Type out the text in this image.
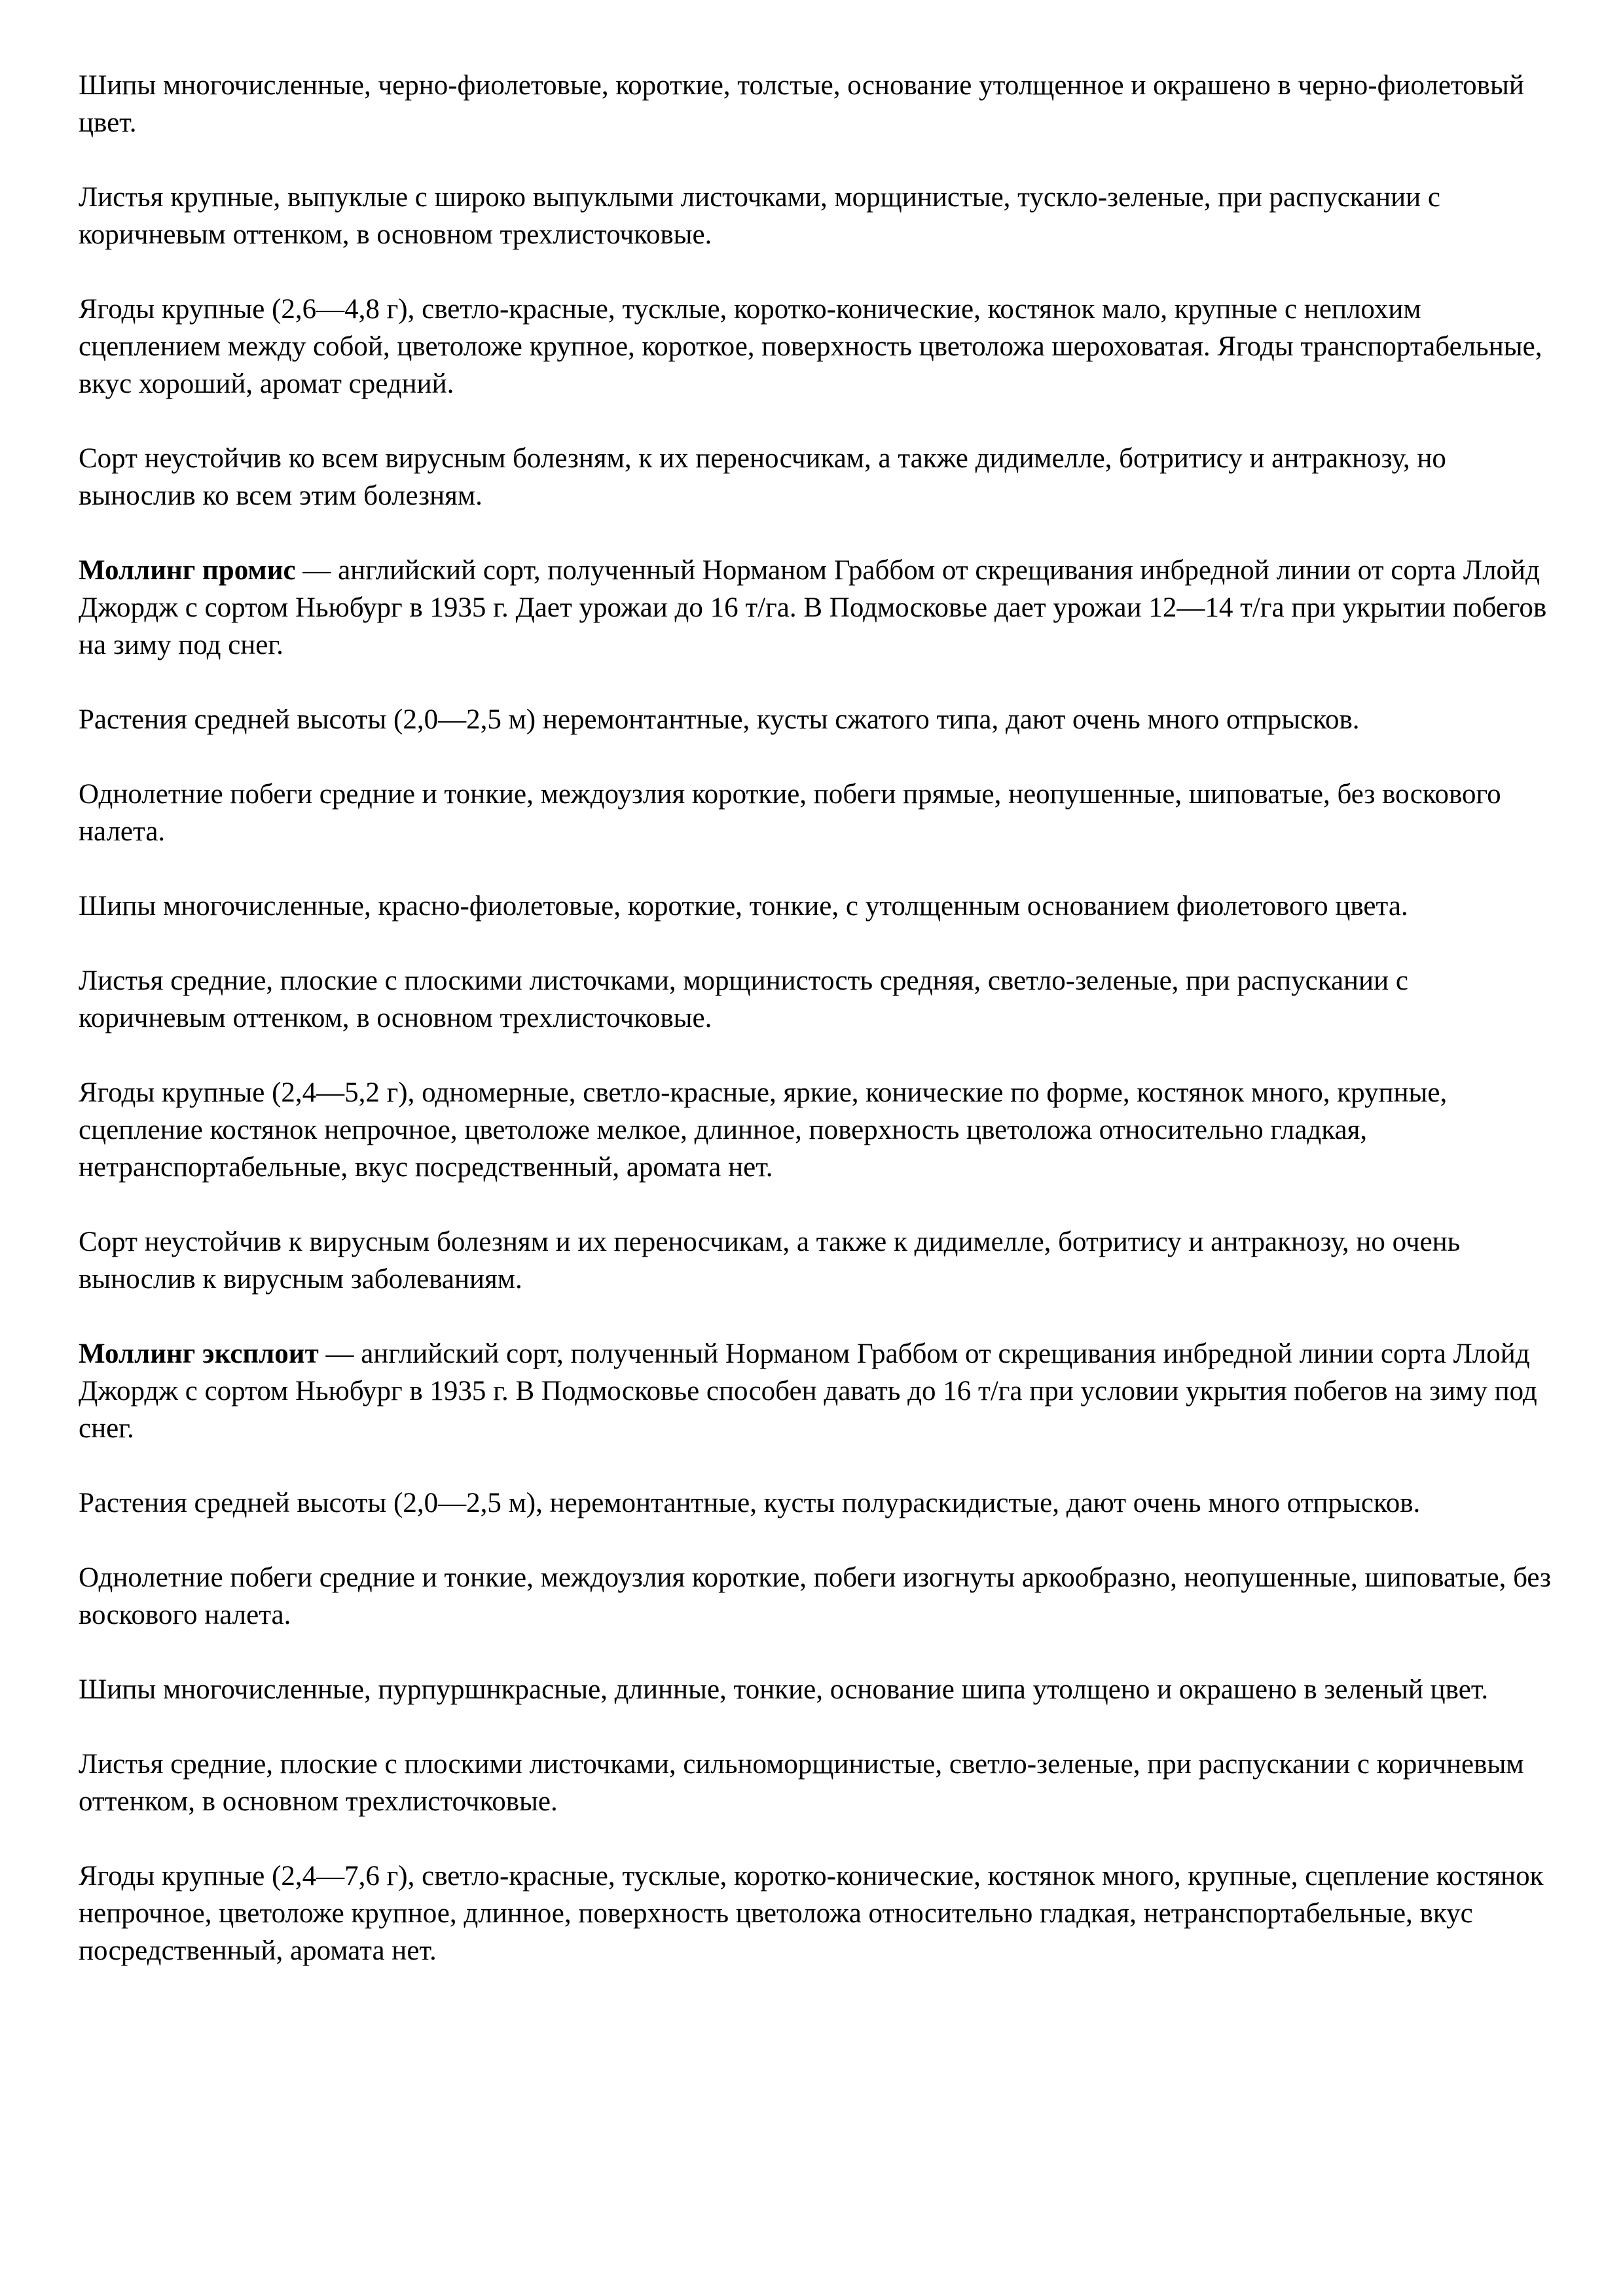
Шипы многочисленные, черно-фиолетовые, короткие, толстые, основание утолщенное и окрашено в черно-фиолетовый цвет.

Листья крупные, выпуклые с широко выпуклыми листочками, морщинистые, тускло-зеленые, при распускании с коричневым оттенком, в основном трехлисточковые.

Ягоды крупные (2,6—4,8 г), светло-красные, тусклые, коротко-конические, костянок мало, крупные с неплохим сцеплением между собой, цветоложе крупное, короткое, поверхность цветоложа шероховатая. Ягоды транспортабельные, вкус хороший, аромат средний.

Сорт неустойчив ко всем вирусным болезням, к их переносчикам, а также дидимелле, ботритису и антракнозу, но вынослив ко всем этим болезням.

Моллинг промис — английский сорт, полученный Норманом Граббом от скрещивания инбредной линии от сорта Ллойд Джордж с сортом Ньюбург в 1935 г. Дает урожаи до 16 т/га. В Подмосковье дает урожаи 12—14 т/га при укрытии побегов на зиму под снег.

Растения средней высоты (2,0—2,5 м) неремонтантные, кусты сжатого типа, дают очень много отпрысков.

Однолетние побеги средние и тонкие, междоузлия короткие, побеги прямые, неопушенные, шиповатые, без воскового налета.

Шипы многочисленные, красно-фиолетовые, короткие, тонкие, с утолщенным основанием фиолетового цвета.

Листья средние, плоские с плоскими листочками, морщинистость средняя, светло-зеленые, при распускании с коричневым оттенком, в основном трехлисточковые.

Ягоды крупные (2,4—5,2 г), одномерные, светло-красные, яркие, конические по форме, костянок много, крупные, сцепление костянок непрочное, цветоложе мелкое, длинное, поверхность цветоложа относительно гладкая, нетранспортабельные, вкус посредственный, аромата нет.

Сорт неустойчив к вирусным болезням и их переносчикам, а также к дидимелле, ботритису и антракнозу, но очень вынослив к вирусным заболеваниям.

Моллинг эксплоит — английский сорт, полученный Норманом Граббом от скрещивания инбредной линии сорта Ллойд Джордж с сортом Ньюбург в 1935 г. В Подмосковье способен давать до 16 т/га при условии укрытия побегов на зиму под снег.

Растения средней высоты (2,0—2,5 м), неремонтантные, кусты полураскидистые, дают очень много отпрысков.

Однолетние побеги средние и тонкие, междоузлия короткие, побеги изогнуты аркообразно, неопушенные, шиповатые, без воскового налета.

Шипы многочисленные, пурпуршнкрасные, длинные, тонкие, основание шипа утолщено и окрашено в зеленый цвет.

Листья средние, плоские с плоскими листочками, сильноморщинистые, светло-зеленые, при распускании с коричневым оттенком, в основном трехлисточковые.

Ягоды крупные (2,4—7,6 г), светло-красные, тусклые, коротко-конические, костянок много, крупные, сцепление костянок непрочное, цветоложе крупное, длинное, поверхность цветоложа относительно гладкая, нетранспортабельные, вкус посредственный, аромата нет.
